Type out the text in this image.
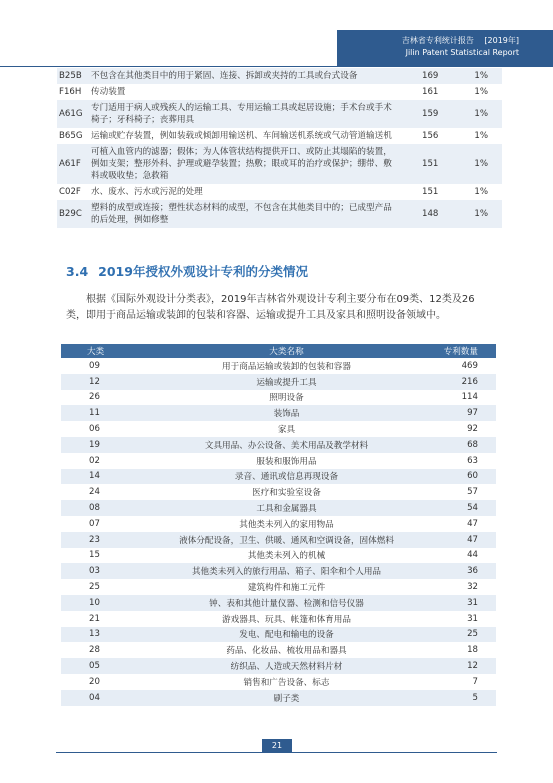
吉林省专利统计报告 [2019年]
Jilin Patent Statistical Report
B25B	不包含在其他类目中的用于紧固、连接、拆卸或夹持的工具或台式设备	169	1%
F16H	传动装置	161	1%
A61G	专门适用于病人或残疾人的运输工具、专用运输工具或起居设施；手术台或手术椅子；牙科椅子；丧葬用具	159	1%
B65G	运输或贮存装置，例如装载或倾卸用输送机、车间输送机系统或气动管道输送机	156	1%
A61F	可植入血管内的滤器；假体；为人体管状结构提供开口、或防止其塌陷的装置，例如支架；整形外科、护理或避孕装置；热敷；眼或耳的治疗或保护；绷带、敷料或吸收垫；急救箱	151	1%
C02F	水、废水、污水或污泥的处理	151	1%
B29C	塑料的成型或连接；塑性状态材料的成型，不包含在其他类目中的；已成型产品的后处理，例如修整	148	1%
3.4 2019年授权外观设计专利的分类情况
根据《国际外观设计分类表》，2019年吉林省外观设计专利主要分布在09类、12类及26类，即用于商品运输或装卸的包装和容器、运输或提升工具及家具和照明设备领域中。
大类	大类名称	专利数量
09	用于商品运输或装卸的包装和容器	469
12	运输或提升工具	216
26	照明设备	114
11	装饰品	97
06	家具	92
19	文具用品、办公设备、美术用品及教学材料	68
02	服装和服饰用品	63
14	录音、通讯或信息再现设备	60
24	医疗和实验室设备	57
08	工具和金属器具	54
07	其他类未列入的家用物品	47
23	液体分配设备，卫生、供暖、通风和空调设备，固体燃料	47
15	其他类未列入的机械	44
03	其他类未列入的旅行用品、箱子、阳伞和个人用品	36
25	建筑构件和施工元件	32
10	钟、表和其他计量仪器、检测和信号仪器	31
21	游戏器具、玩具、帐篷和体育用品	31
13	发电、配电和输电的设备	25
28	药品、化妆品、梳妆用品和器具	18
05	纺织品、人造或天然材料片材	12
20	销售和广告设备、标志	7
04	刷子类	5
21
